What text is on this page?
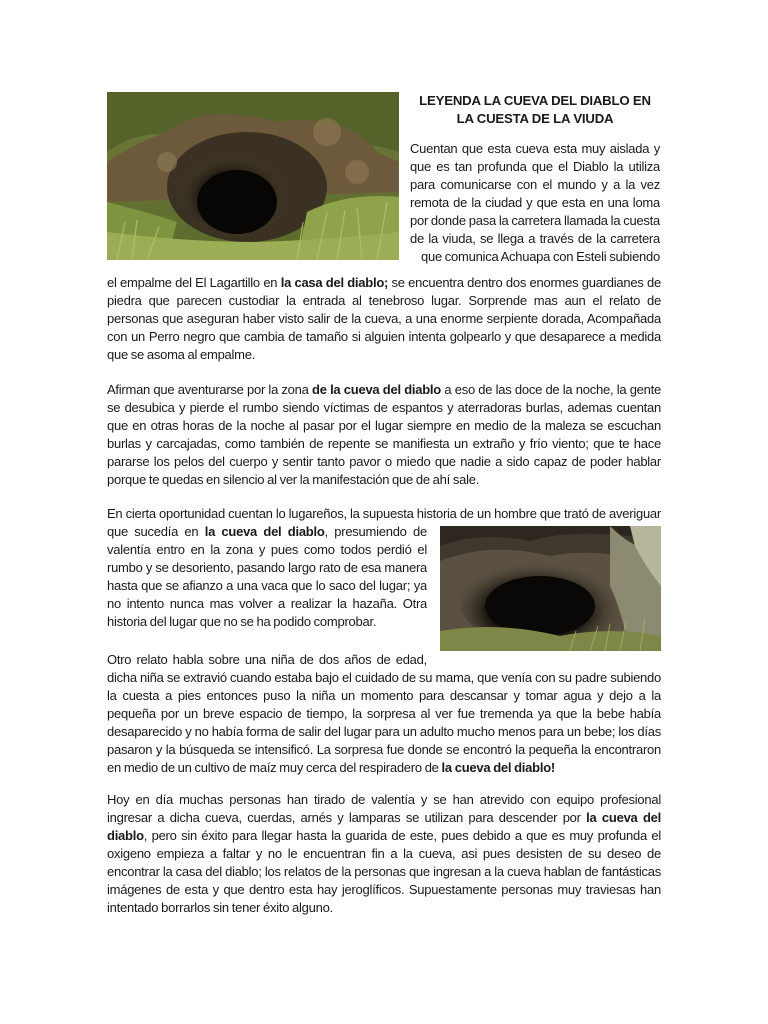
LEYENDA LA CUEVA DEL DIABLO EN LA CUESTA DE LA VIUDA

Cuentan que esta cueva esta muy aislada y
que es tan profunda que el Diablo la utiliza
para comunicarse con el mundo y a la vez
remota de la ciudad y que esta en una loma
por donde pasa la carretera llamada la cuesta
de la viuda, se llega a través de la carretera
que comunica Achuapa con Esteli subiendo
el empalme del El Lagartillo en la casa del diablo; se encuentra dentro dos enormes guardianes de
piedra que parecen custodiar la entrada al tenebroso lugar. Sorprende mas aun el relato de
personas que aseguran haber visto salir de la cueva, a una enorme serpiente dorada, Acompañada
con un Perro negro que cambia de tamaño si alguien intenta golpearlo y que desaparece a medida
que se asoma al empalme.
Afirman que aventurarse por la zona de la cueva del diablo a eso de las doce de la noche, la gente
se desubica y pierde el rumbo siendo víctimas de espantos y aterradoras burlas, ademas cuentan
que en otras horas de la noche al pasar por el lugar siempre en medio de la maleza se escuchan
burlas y carcajadas, como también de repente se manifiesta un extraño y frío viento; que te hace
pararse los pelos del cuerpo y sentir tanto pavor o miedo que nadie a sido capaz de poder hablar
porque te quedas en silencio al ver la manifestación que de ahí sale.
En cierta oportunidad cuentan lo lugareños, la supuesta historia de un hombre que trató de averiguar
que sucedía en la cueva del diablo, presumiendo de
valentía entro en la zona y pues como todos perdió el
rumbo y se desoriento, pasando largo rato de esa manera
hasta que se afianzo a una vaca que lo saco del lugar; ya
no intento nunca mas volver a realizar la hazaña. Otra
historia del lugar que no se ha podido comprobar.
Otro relato habla sobre una niña de dos años de edad,
dicha niña se extravió cuando estaba bajo el cuidado de su mama, que venía con su padre subiendo
la cuesta a pies entonces puso la niña un momento para descansar y tomar agua y dejo a la
pequeña por un breve espacio de tiempo, la sorpresa al ver fue tremenda ya que la bebe había
desaparecido y no había forma de salir del lugar para un adulto mucho menos para un bebe; los días
pasaron y la búsqueda se intensificó. La sorpresa fue donde se encontró la pequeña la encontraron
en medio de un cultivo de maíz muy cerca del respiradero de la cueva del diablo!
Hoy en día muchas personas han tirado de valentía y se han atrevido con equipo profesional
ingresar a dicha cueva, cuerdas, arnés y lamparas se utilizan para descender por la cueva del
diablo, pero sin éxito para llegar hasta la guarida de este, pues debido a que es muy profunda el
oxigeno empieza a faltar y no le encuentran fin a la cueva, asi pues desisten de su deseo de
encontrar la casa del diablo; los relatos de la personas que ingresan a la cueva hablan de fantásticas
imágenes de esta y que dentro esta hay jeroglíficos. Supuestamente personas muy traviesas han
intentado borrarlos sin tener éxito alguno.
